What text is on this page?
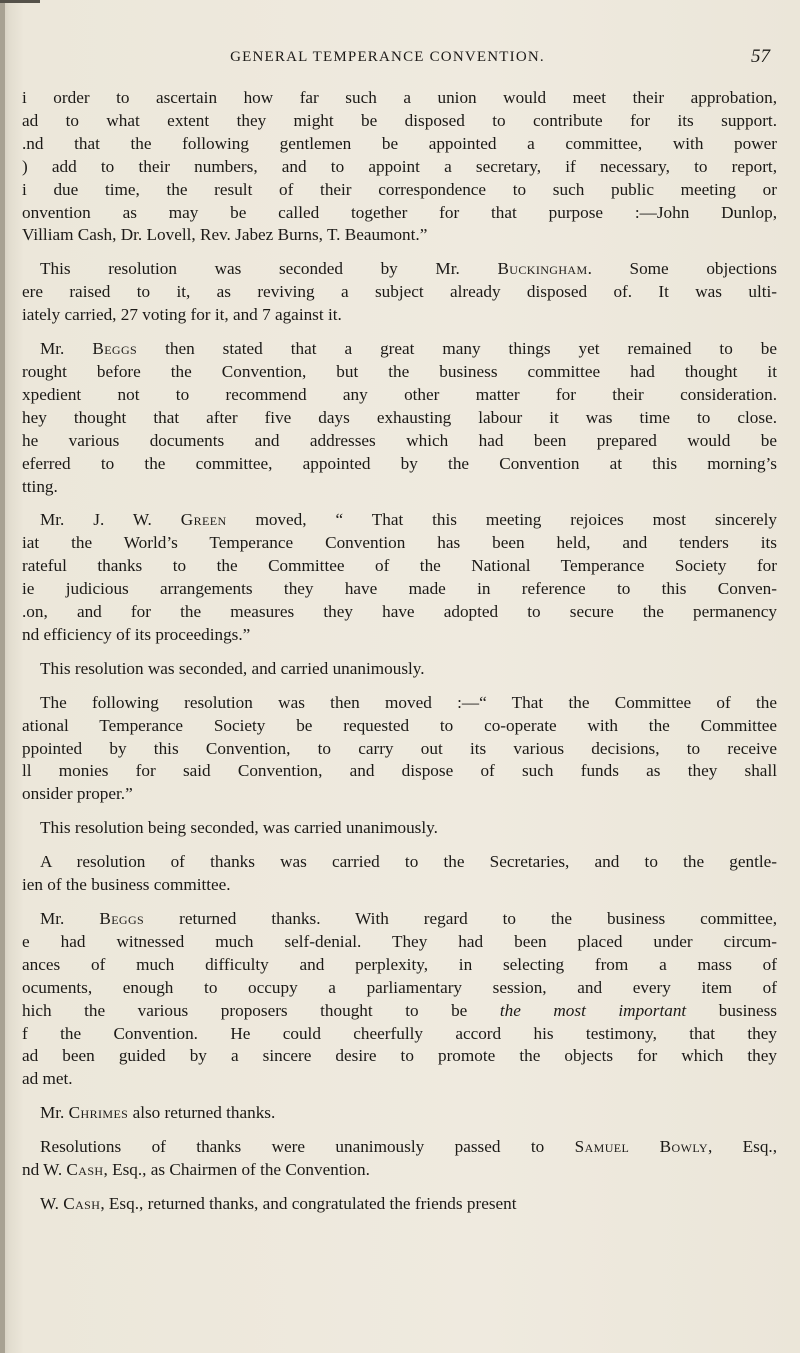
GENERAL TEMPERANCE CONVENTION.	57
i order to ascertain how far such a union would meet their approbation,
ad to what extent they might be disposed to contribute for its support.
.nd that the following gentlemen be appointed a committee, with power
) add to their numbers, and to appoint a secretary, if necessary, to report,
i due time, the result of their correspondence to such public meeting or
onvention as may be called together for that purpose :—John Dunlop,
Villiam Cash, Dr. Lovell, Rev. Jabez Burns, T. Beaumont.”
This resolution was seconded by Mr. Buckingham. Some objections
ere raised to it, as reviving a subject already disposed of. It was ulti-
iately carried, 27 voting for it, and 7 against it.
Mr. Beggs then stated that a great many things yet remained to be
rought before the Convention, but the business committee had thought it
xpedient not to recommend any other matter for their consideration.
hey thought that after five days exhausting labour it was time to close.
he various documents and addresses which had been prepared would be
eferred to the committee, appointed by the Convention at this morning’s
tting.
Mr. J. W. Green moved, “ That this meeting rejoices most sincerely
iat the World’s Temperance Convention has been held, and tenders its
rateful thanks to the Committee of the National Temperance Society for
ie judicious arrangements they have made in reference to this Conven-
.on, and for the measures they have adopted to secure the permanency
nd efficiency of its proceedings.”
This resolution was seconded, and carried unanimously.
The following resolution was then moved :—“ That the Committee of the
ational Temperance Society be requested to co-operate with the Committee
ppointed by this Convention, to carry out its various decisions, to receive
ll monies for said Convention, and dispose of such funds as they shall
onsider proper.”
This resolution being seconded, was carried unanimously.
A resolution of thanks was carried to the Secretaries, and to the gentle-
ien of the business committee.
Mr. Beggs returned thanks. With regard to the business committee,
e had witnessed much self-denial. They had been placed under circum-
ances of much difficulty and perplexity, in selecting from a mass of
ocuments, enough to occupy a parliamentary session, and every item of
hich the various proposers thought to be the most important business
f the Convention. He could cheerfully accord his testimony, that they
ad been guided by a sincere desire to promote the objects for which they
ad met.
Mr. Chrimes also returned thanks.
Resolutions of thanks were unanimously passed to Samuel Bowly, Esq.,
nd W. Cash, Esq., as Chairmen of the Convention.
W. Cash, Esq., returned thanks, and congratulated the friends present
